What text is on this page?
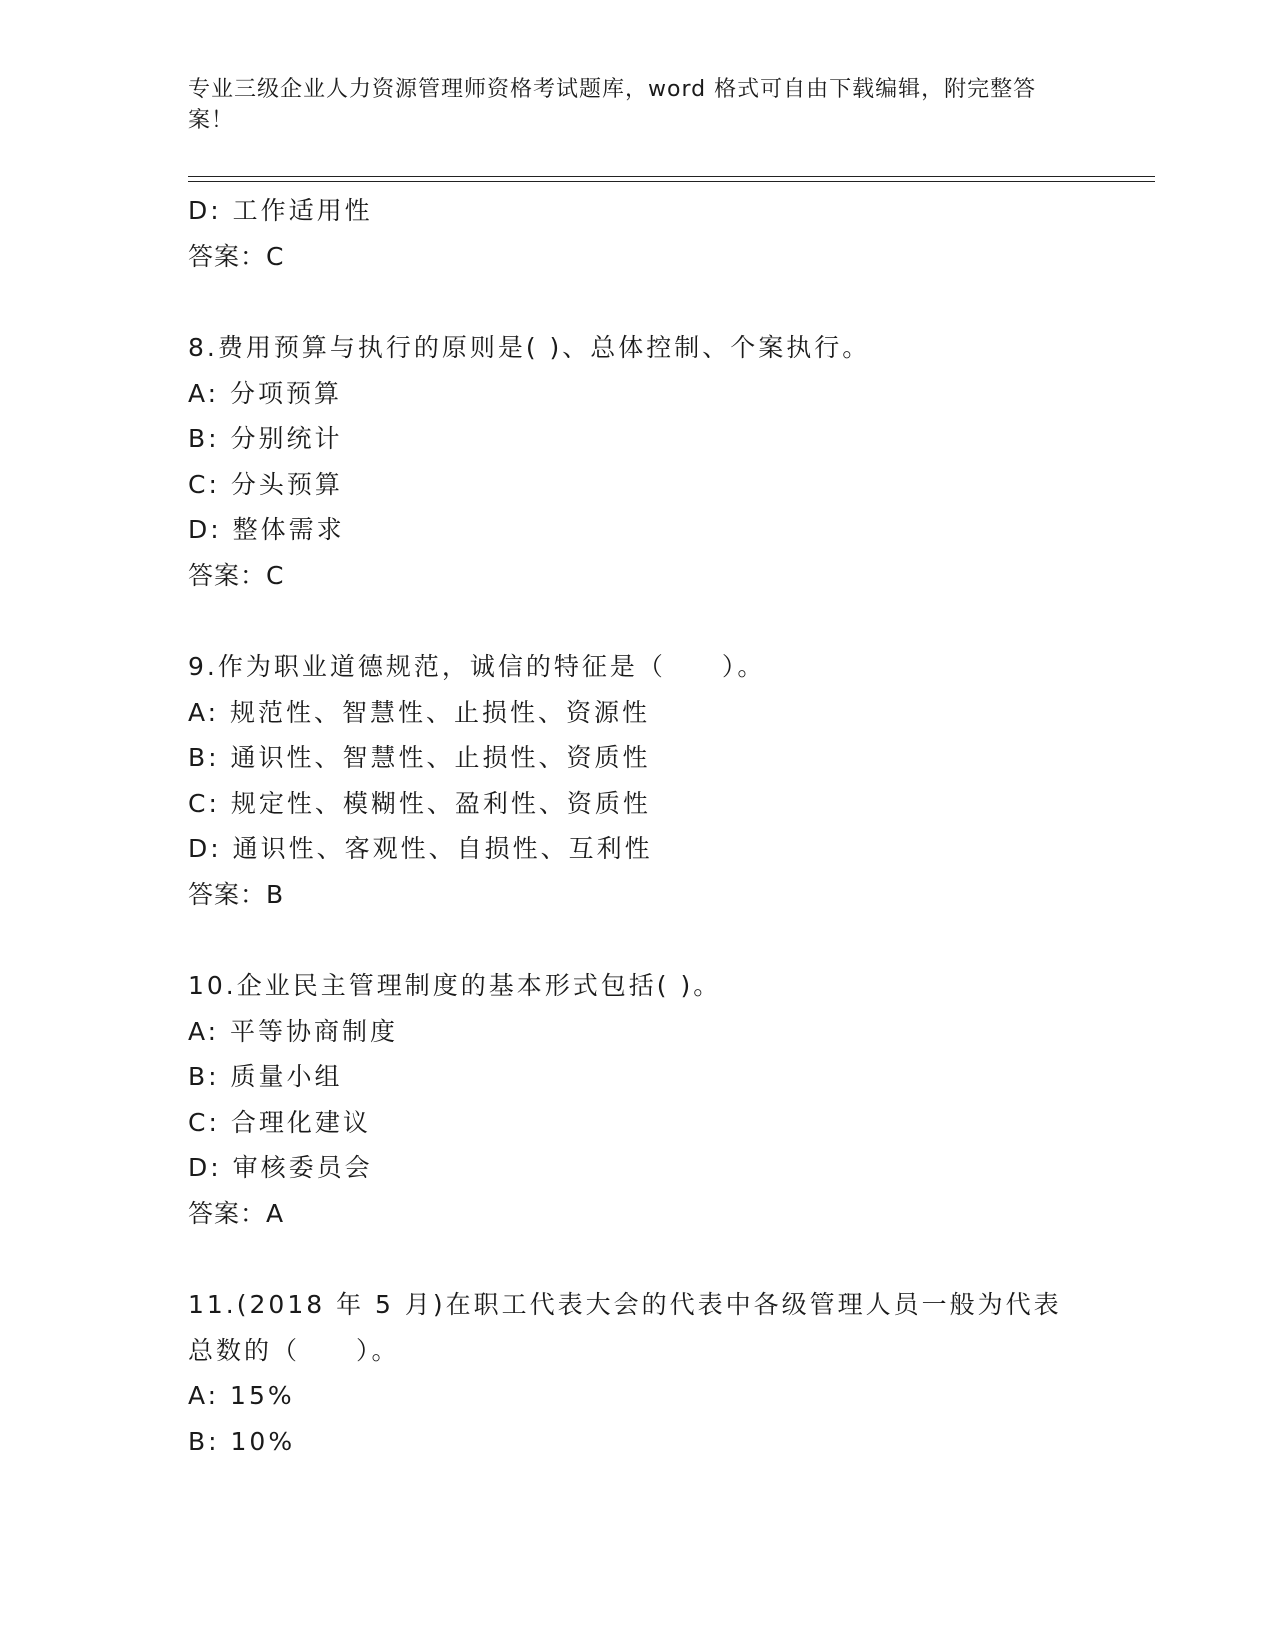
专业三级企业人力资源管理师资格考试题库，word 格式可自由下载编辑，附完整答案！
D: 工作适用性
答案：C
8.费用预算与执行的原则是( )、总体控制、个案执行。
A: 分项预算
B: 分别统计
C: 分头预算
D: 整体需求
答案：C
9.作为职业道德规范，诚信的特征是（　　）。
A: 规范性、智慧性、止损性、资源性
B: 通识性、智慧性、止损性、资质性
C: 规定性、模糊性、盈利性、资质性
D: 通识性、客观性、自损性、互利性
答案：B
10.企业民主管理制度的基本形式包括( )。
A: 平等协商制度
B: 质量小组
C: 合理化建议
D: 审核委员会
答案：A
11.(2018 年 5 月)在职工代表大会的代表中各级管理人员一般为代表总数的（　　）。
A: 15%
B: 10%
